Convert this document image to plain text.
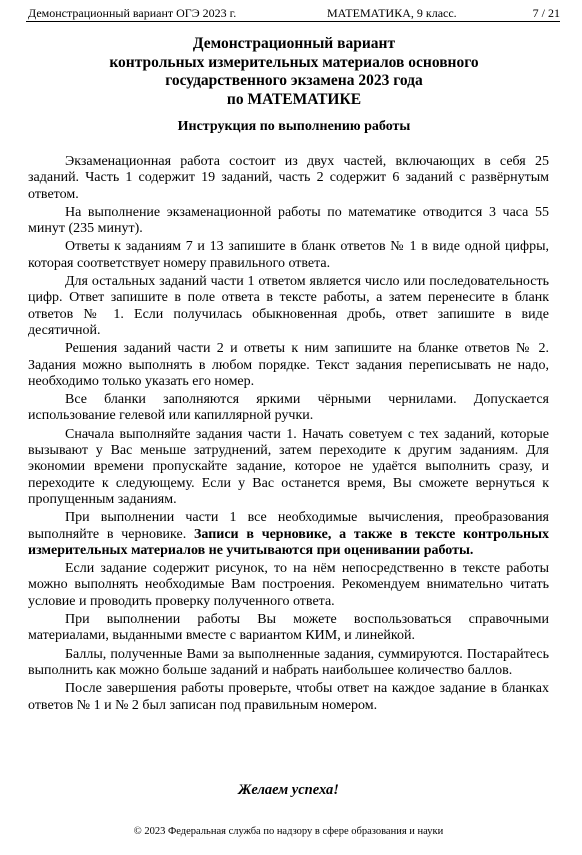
Демонстрационный вариант ОГЭ 2023 г.	МАТЕМАТИКА, 9 класс.	7 / 21
Демонстрационный вариант
контрольных измерительных материалов основного
государственного экзамена 2023 года
по МАТЕМАТИКЕ
Инструкция по выполнению работы

Экзаменационная работа состоит из двух частей, включающих в себя 25 заданий. Часть 1 содержит 19 заданий, часть 2 содержит 6 заданий с развёрнутым ответом.

На выполнение экзаменационной работы по математике отводится 3 часа 55 минут (235 минут).

Ответы к заданиям 7 и 13 запишите в бланк ответов № 1 в виде одной цифры, которая соответствует номеру правильного ответа.

Для остальных заданий части 1 ответом является число или последовательность цифр. Ответ запишите в поле ответа в тексте работы, а затем перенесите в бланк ответов № 1. Если получилась обыкновенная дробь, ответ запишите в виде десятичной.

Решения заданий части 2 и ответы к ним запишите на бланке ответов № 2. Задания можно выполнять в любом порядке. Текст задания переписывать не надо, необходимо только указать его номер.

Все бланки заполняются яркими чёрными чернилами. Допускается использование гелевой или капиллярной ручки.

Сначала выполняйте задания части 1. Начать советуем с тех заданий, которые вызывают у Вас меньше затруднений, затем переходите к другим заданиям. Для экономии времени пропускайте задание, которое не удаётся выполнить сразу, и переходите к следующему. Если у Вас останется время, Вы сможете вернуться к пропущенным заданиям.

При выполнении части 1 все необходимые вычисления, преобразования выполняйте в черновике. Записи в черновике, а также в тексте контрольных измерительных материалов не учитываются при оценивании работы.

Если задание содержит рисунок, то на нём непосредственно в тексте работы можно выполнять необходимые Вам построения. Рекомендуем внимательно читать условие и проводить проверку полученного ответа.

При выполнении работы Вы можете воспользоваться справочными материалами, выданными вместе с вариантом КИМ, и линейкой.

Баллы, полученные Вами за выполненные задания, суммируются. Постарайтесь выполнить как можно больше заданий и набрать наибольшее количество баллов.

После завершения работы проверьте, чтобы ответ на каждое задание в бланках ответов № 1 и № 2 был записан под правильным номером.

Желаем успеха!
© 2023 Федеральная служба по надзору в сфере образования и науки
